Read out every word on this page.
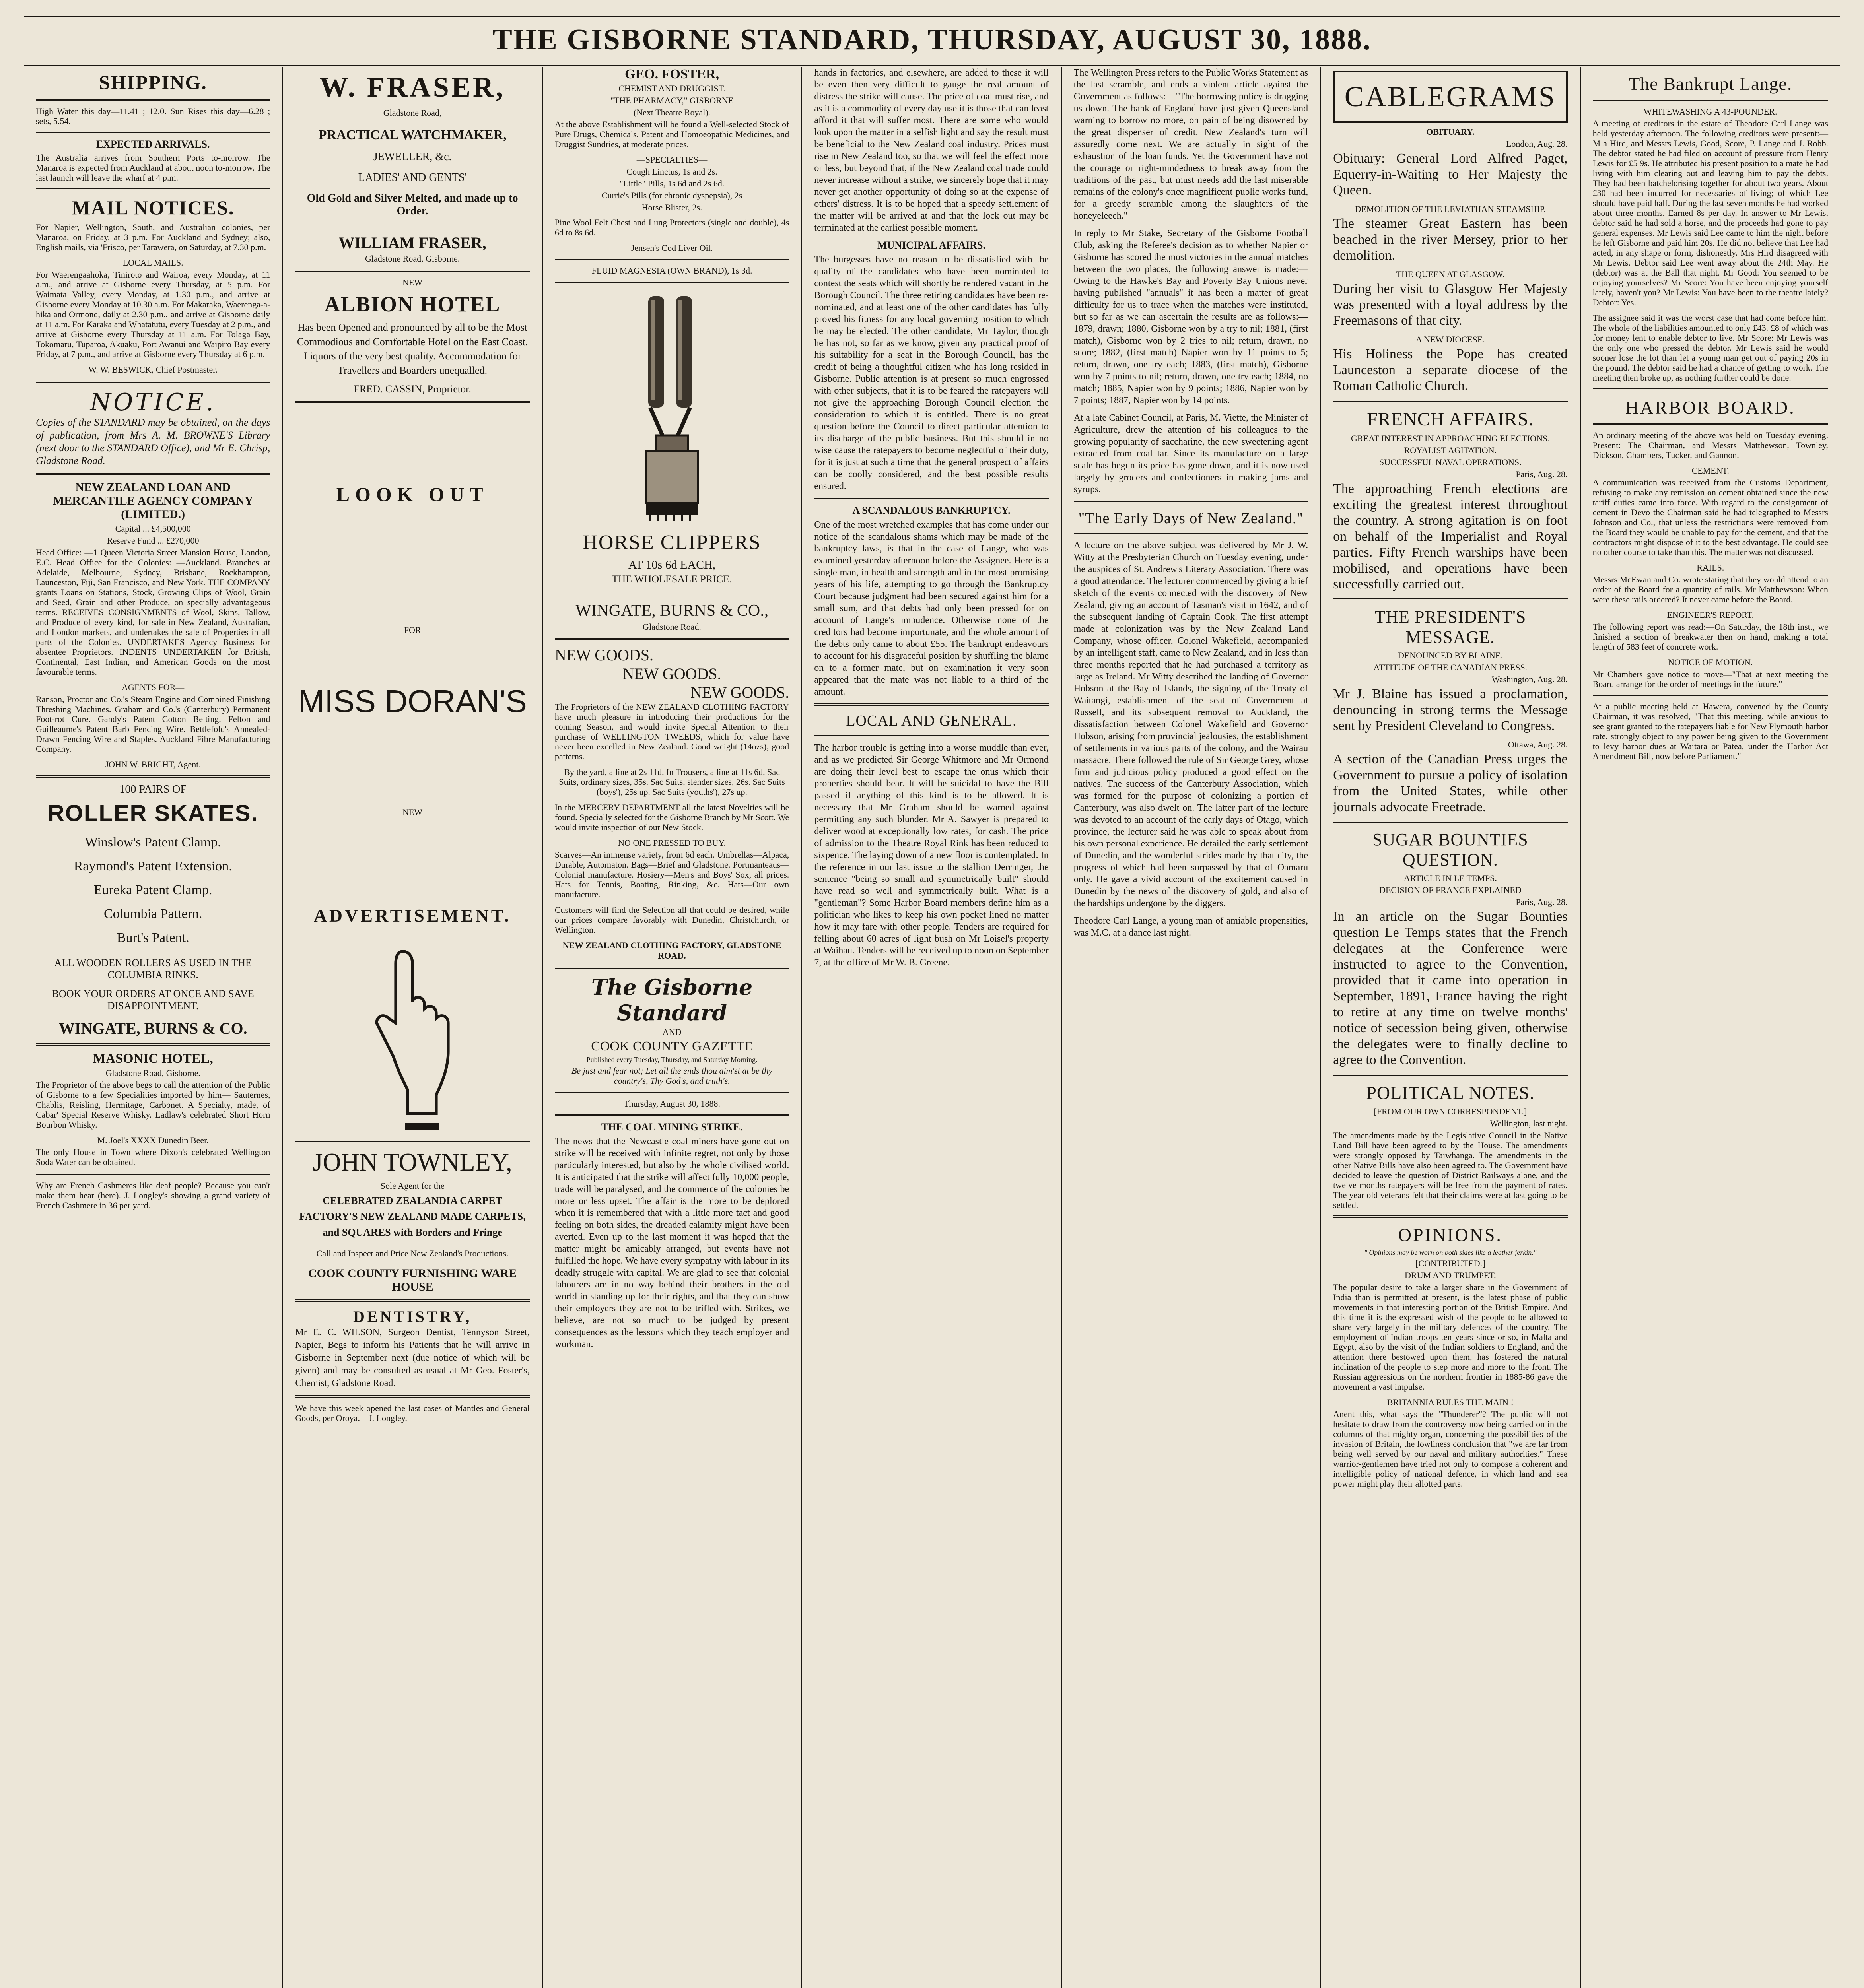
THE GISBORNE STANDARD, THURSDAY, AUGUST 30, 1888.
SHIPPING.
High Water this day—11.41 ; 12.0. Sun Rises this day—6.28 ; sets, 5.54.
EXPECTED ARRIVALS.
The Australia arrives from Southern Ports to-morrow. The Manaroa is expected from Auckland at about noon to-morrow. The last launch will leave the wharf at 4 p.m.
MAIL NOTICES.
For Napier, Wellington, South, and Australian colonies, per Manaroa, on Friday, at 3 p.m. For Auckland and Sydney; also, English mails, via 'Frisco, per Tarawera, on Saturday, at 7.30 p.m.
LOCAL MAILS.
For Waerengaahoka, Tiniroto and Wairoa, every Monday, at 11 a.m., and arrive at Gisborne every Thursday, at 5 p.m. For Waimata Valley, every Monday, at 1.30 p.m., and arrive at Gisborne every Monday at 10.30 a.m. For Makaraka, Waerenga-a-hika and Ormond, daily at 2.30 p.m., and arrive at Gisborne daily at 11 a.m. For Karaka and Whatatutu, every Tuesday at 2 p.m., and arrive at Gisborne every Thursday at 11 a.m. For Tolaga Bay, Tokomaru, Tuparoa, Akuaku, Port Awanui and Waipiro Bay every Friday, at 7 p.m., and arrive at Gisborne every Thursday at 6 p.m.
W. W. BESWICK, Chief Postmaster.
NOTICE.
Copies of the STANDARD may be obtained, on the days of publication, from Mrs A. M. BROWNE'S Library (next door to the STANDARD Office), and Mr E. Chrisp, Gladstone Road.
NEW ZEALAND LOAN AND MERCANTILE AGENCY COMPANY (LIMITED.)
Capital ... £4,500,000
Reserve Fund ... £270,000
Head Office: —1 Queen Victoria Street Mansion House, London, E.C. Head Office for the Colonies: —Auckland. Branches at Adelaide, Melbourne, Sydney, Brisbane, Rockhampton, Launceston, Fiji, San Francisco, and New York. THE COMPANY grants Loans on Stations, Stock, Growing Clips of Wool, Grain and Seed, Grain and other Produce, on specially advantageous terms. RECEIVES CONSIGNMENTS of Wool, Skins, Tallow, and Produce of every kind, for sale in New Zealand, Australian, and London markets, and undertakes the sale of Properties in all parts of the Colonies. UNDERTAKES Agency Business for absentee Proprietors. INDENTS UNDERTAKEN for British, Continental, East Indian, and American Goods on the most favourable terms.
AGENTS FOR—
Ranson, Proctor and Co.'s Steam Engine and Combined Finishing Threshing Machines. Graham and Co.'s (Canterbury) Permanent Foot-rot Cure. Gandy's Patent Cotton Belting. Felton and Guilleaume's Patent Barb Fencing Wire. Bettlefold's Annealed-Drawn Fencing Wire and Staples. Auckland Fibre Manufacturing Company.
JOHN W. BRIGHT, Agent.
100 PAIRS OF
ROLLER SKATES.
Winslow's Patent Clamp.
Raymond's Patent Extension.
Eureka Patent Clamp.
Columbia Pattern.
Burt's Patent.
ALL WOODEN ROLLERS AS USED IN THE COLUMBIA RINKS.
BOOK YOUR ORDERS AT ONCE AND SAVE DISAPPOINTMENT.
WINGATE, BURNS & CO.
MASONIC HOTEL,
Gladstone Road, Gisborne.
The Proprietor of the above begs to call the attention of the Public of Gisborne to a few Specialities imported by him— Sauternes, Chablis, Reisling, Hermitage, Carbonet. A Specialty, made, of Cabar' Special Reserve Whisky. Ladlaw's celebrated Short Horn Bourbon Whisky.
M. Joel's XXXX Dunedin Beer.
The only House in Town where Dixon's celebrated Wellington Soda Water can be obtained.
Why are French Cashmeres like deaf people? Because you can't make them hear (here). J. Longley's showing a grand variety of French Cashmere in 36 per yard.
W. FRASER,
Gladstone Road,
PRACTICAL WATCHMAKER,
JEWELLER, &c.
LADIES' AND GENTS'
Old Gold and Silver Melted, and made up to Order.
WILLIAM FRASER,
Gladstone Road, Gisborne.
NEW
ALBION HOTEL
Has been Opened and pronounced by all to be the Most Commodious and Comfortable Hotel on the East Coast. Liquors of the very best quality. Accommodation for Travellers and Boarders unequalled.
FRED. CASSIN, Proprietor.
LOOK OUT
FOR
MISS DORAN'S
NEW
ADVERTISEMENT.
JOHN TOWNLEY,
Sole Agent for the
CELEBRATED ZEALANDIA CARPET FACTORY'S NEW ZEALAND MADE CARPETS, and SQUARES with Borders and Fringe
Call and Inspect and Price New Zealand's Productions.
COOK COUNTY FURNISHING WARE HOUSE
DENTISTRY,
Mr E. C. WILSON, Surgeon Dentist, Tennyson Street, Napier, Begs to inform his Patients that he will arrive in Gisborne in September next (due notice of which will be given) and may be consulted as usual at Mr Geo. Foster's, Chemist, Gladstone Road.
We have this week opened the last cases of Mantles and General Goods, per Oroya.—J. Longley.
GEO. FOSTER,
CHEMIST AND DRUGGIST.
"THE PHARMACY," GISBORNE
(Next Theatre Royal).
At the above Establishment will be found a Well-selected Stock of Pure Drugs, Chemicals, Patent and Homoeopathic Medicines, and Druggist Sundries, at moderate prices.
—SPECIALTIES—
Cough Linctus, 1s and 2s.
"Little" Pills, 1s 6d and 2s 6d.
Currie's Pills (for chronic dyspepsia), 2s
Horse Blister, 2s.
Pine Wool Felt Chest and Lung Protectors (single and double), 4s 6d to 8s 6d.
Jensen's Cod Liver Oil.
FLUID MAGNESIA (OWN BRAND), 1s 3d.
HORSE CLIPPERS
AT 10s 6d EACH,
THE WHOLESALE PRICE.
WINGATE, BURNS & CO.,
Gladstone Road.
NEW GOODS.
NEW GOODS.
NEW GOODS.
The Proprietors of the NEW ZEALAND CLOTHING FACTORY have much pleasure in introducing their productions for the coming Season, and would invite Special Attention to their purchase of WELLINGTON TWEEDS, which for value have never been excelled in New Zealand. Good weight (14ozs), good patterns.
By the yard, a line at 2s 11d. In Trousers, a line at 11s 6d. Sac Suits, ordinary sizes, 35s. Sac Suits, slender sizes, 26s. Sac Suits (boys'), 25s up. Sac Suits (youths'), 27s up.
In the MERCERY DEPARTMENT all the latest Novelties will be found. Specially selected for the Gisborne Branch by Mr Scott. We would invite inspection of our New Stock.
NO ONE PRESSED TO BUY.
Scarves—An immense variety, from 6d each. Umbrellas—Alpaca, Durable, Automaton. Bags—Brief and Gladstone. Portmanteaus—Colonial manufacture. Hosiery—Men's and Boys' Sox, all prices. Hats for Tennis, Boating, Rinking, &c. Hats—Our own manufacture.
Customers will find the Selection all that could be desired, while our prices compare favorably with Dunedin, Christchurch, or Wellington.
NEW ZEALAND CLOTHING FACTORY, GLADSTONE ROAD.
The Gisborne Standard
AND
COOK COUNTY GAZETTE
Published every Tuesday, Thursday, and Saturday Morning.
Be just and fear not; Let all the ends thou aim'st at be thy country's, Thy God's, and truth's.
Thursday, August 30, 1888.
THE COAL MINING STRIKE.
The news that the Newcastle coal miners have gone out on strike will be received with infinite regret, not only by those particularly interested, but also by the whole civilised world. It is anticipated that the strike will affect fully 10,000 people, trade will be paralysed, and the commerce of the colonies be more or less upset. The affair is the more to be deplored when it is remembered that with a little more tact and good feeling on both sides, the dreaded calamity might have been averted. Even up to the last moment it was hoped that the matter might be amicably arranged, but events have not fulfilled the hope. We have every sympathy with labour in its deadly struggle with capital. We are glad to see that colonial labourers are in no way behind their brothers in the old world in standing up for their rights, and that they can show their employers they are not to be trifled with. Strikes, we believe, are not so much to be judged by present consequences as the lessons which they teach employer and workman.
hands in factories, and elsewhere, are added to these it will be even then very difficult to gauge the real amount of distress the strike will cause. The price of coal must rise, and as it is a commodity of every day use it is those that can least afford it that will suffer most. There are some who would look upon the matter in a selfish light and say the result must be beneficial to the New Zealand coal industry. Prices must rise in New Zealand too, so that we will feel the effect more or less, but beyond that, if the New Zealand coal trade could never increase without a strike, we sincerely hope that it may never get another opportunity of doing so at the expense of others' distress. It is to be hoped that a speedy settlement of the matter will be arrived at and that the lock out may be terminated at the earliest possible moment.
MUNICIPAL AFFAIRS.
The burgesses have no reason to be dissatisfied with the quality of the candidates who have been nominated to contest the seats which will shortly be rendered vacant in the Borough Council. The three retiring candidates have been re-nominated, and at least one of the other candidates has fully proved his fitness for any local governing position to which he may be elected. The other candidate, Mr Taylor, though he has not, so far as we know, given any practical proof of his suitability for a seat in the Borough Council, has the credit of being a thoughtful citizen who has long resided in Gisborne. Public attention is at present so much engrossed with other subjects, that it is to be feared the ratepayers will not give the approaching Borough Council election the consideration to which it is entitled. There is no great question before the Council to direct particular attention to its discharge of the public business. But this should in no wise cause the ratepayers to become neglectful of their duty, for it is just at such a time that the general prospect of affairs can be coolly considered, and the best possible results ensured.
A SCANDALOUS BANKRUPTCY.
One of the most wretched examples that has come under our notice of the scandalous shams which may be made of the bankruptcy laws, is that in the case of Lange, who was examined yesterday afternoon before the Assignee. Here is a single man, in health and strength and in the most promising years of his life, attempting to go through the Bankruptcy Court because judgment had been secured against him for a small sum, and that debts had only been pressed for on account of Lange's impudence. Otherwise none of the creditors had become importunate, and the whole amount of the debts only came to about £55. The bankrupt endeavours to account for his disgraceful position by shuffling the blame on to a former mate, but on examination it very soon appeared that the mate was not liable to a third of the amount.
LOCAL AND GENERAL.
The harbor trouble is getting into a worse muddle than ever, and as we predicted Sir George Whitmore and Mr Ormond are doing their level best to escape the onus which their properties should bear. It will be suicidal to have the Bill passed if anything of this kind is to be allowed. It is necessary that Mr Graham should be warned against permitting any such blunder. Mr A. Sawyer is prepared to deliver wood at exceptionally low rates, for cash. The price of admission to the Theatre Royal Rink has been reduced to sixpence. The laying down of a new floor is contemplated. In the reference in our last issue to the stallion Derringer, the sentence "being so small and symmetrically built" should have read so well and symmetrically built. What is a "gentleman"? Some Harbor Board members define him as a politician who likes to keep his own pocket lined no matter how it may fare with other people. Tenders are required for felling about 60 acres of light bush on Mr Loisel's property at Waihau. Tenders will be received up to noon on September 7, at the office of Mr W. B. Greene.
The Wellington Press refers to the Public Works Statement as the last scramble, and ends a violent article against the Government as follows:—"The borrowing policy is dragging us down. The bank of England have just given Queensland warning to borrow no more, on pain of being disowned by the great dispenser of credit. New Zealand's turn will assuredly come next. We are actually in sight of the exhaustion of the loan funds. Yet the Government have not the courage or right-mindedness to break away from the traditions of the past, but must needs add the last miserable remains of the colony's once magnificent public works fund, for a greedy scramble among the slaughters of the honeyeleech."
In reply to Mr Stake, Secretary of the Gisborne Football Club, asking the Referee's decision as to whether Napier or Gisborne has scored the most victories in the annual matches between the two places, the following answer is made:—Owing to the Hawke's Bay and Poverty Bay Unions never having published "annuals" it has been a matter of great difficulty for us to trace when the matches were instituted, but so far as we can ascertain the results are as follows:—1879, drawn; 1880, Gisborne won by a try to nil; 1881, (first match), Gisborne won by 2 tries to nil; return, drawn, no score; 1882, (first match) Napier won by 11 points to 5; return, drawn, one try each; 1883, (first match), Gisborne won by 7 points to nil; return, drawn, one try each; 1884, no match; 1885, Napier won by 9 points; 1886, Napier won by 7 points; 1887, Napier won by 14 points.
At a late Cabinet Council, at Paris, M. Viette, the Minister of Agriculture, drew the attention of his colleagues to the growing popularity of saccharine, the new sweetening agent extracted from coal tar. Since its manufacture on a large scale has begun its price has gone down, and it is now used largely by grocers and confectioners in making jams and syrups.
"The Early Days of New Zealand."
A lecture on the above subject was delivered by Mr J. W. Witty at the Presbyterian Church on Tuesday evening, under the auspices of St. Andrew's Literary Association. There was a good attendance. The lecturer commenced by giving a brief sketch of the events connected with the discovery of New Zealand, giving an account of Tasman's visit in 1642, and of the subsequent landing of Captain Cook. The first attempt made at colonization was by the New Zealand Land Company, whose officer, Colonel Wakefield, accompanied by an intelligent staff, came to New Zealand, and in less than three months reported that he had purchased a territory as large as Ireland. Mr Witty described the landing of Governor Hobson at the Bay of Islands, the signing of the Treaty of Waitangi, establishment of the seat of Government at Russell, and its subsequent removal to Auckland, the dissatisfaction between Colonel Wakefield and Governor Hobson, arising from provincial jealousies, the establishment of settlements in various parts of the colony, and the Wairau massacre. There followed the rule of Sir George Grey, whose firm and judicious policy produced a good effect on the natives. The success of the Canterbury Association, which was formed for the purpose of colonizing a portion of Canterbury, was also dwelt on. The latter part of the lecture was devoted to an account of the early days of Otago, which province, the lecturer said he was able to speak about from his own personal experience. He detailed the early settlement of Dunedin, and the wonderful strides made by that city, the progress of which had been surpassed by that of Oamaru only. He gave a vivid account of the excitement caused in Dunedin by the news of the discovery of gold, and also of the hardships undergone by the diggers.
Theodore Carl Lange, a young man of amiable propensities, was M.C. at a dance last night.
CABLEGRAMS
OBITUARY.
London, Aug. 28.
Obituary: General Lord Alfred Paget, Equerry-in-Waiting to Her Majesty the Queen.
DEMOLITION OF THE LEVIATHAN STEAMSHIP.
The steamer Great Eastern has been beached in the river Mersey, prior to her demolition.
THE QUEEN AT GLASGOW.
During her visit to Glasgow Her Majesty was presented with a loyal address by the Freemasons of that city.
A NEW DIOCESE.
His Holiness the Pope has created Launceston a separate diocese of the Roman Catholic Church.
FRENCH AFFAIRS.
GREAT INTEREST IN APPROACHING ELECTIONS.
ROYALIST AGITATION.
SUCCESSFUL NAVAL OPERATIONS.
Paris, Aug. 28.
The approaching French elections are exciting the greatest interest throughout the country. A strong agitation is on foot on behalf of the Imperialist and Royal parties. Fifty French warships have been mobilised, and operations have been successfully carried out.
THE PRESIDENT'S MESSAGE.
DENOUNCED BY BLAINE.
ATTITUDE OF THE CANADIAN PRESS.
Washington, Aug. 28.
Mr J. Blaine has issued a proclamation, denouncing in strong terms the Message sent by President Cleveland to Congress.
Ottawa, Aug. 28.
A section of the Canadian Press urges the Government to pursue a policy of isolation from the United States, while other journals advocate Freetrade.
SUGAR BOUNTIES QUESTION.
ARTICLE IN LE TEMPS.
DECISION OF FRANCE EXPLAINED
Paris, Aug. 28.
In an article on the Sugar Bounties question Le Temps states that the French delegates at the Conference were instructed to agree to the Convention, provided that it came into operation in September, 1891, France having the right to retire at any time on twelve months' notice of secession being given, otherwise the delegates were to finally decline to agree to the Convention.
POLITICAL NOTES.
[FROM OUR OWN CORRESPONDENT.]
Wellington, last night.
The amendments made by the Legislative Council in the Native Land Bill have been agreed to by the House. The amendments were strongly opposed by Taiwhanga. The amendments in the other Native Bills have also been agreed to. The Government have decided to leave the question of District Railways alone, and the twelve months ratepayers will be free from the payment of rates. The year old veterans felt that their claims were at last going to be settled.
OPINIONS.
" Opinions may be worn on both sides like a leather jerkin."
[CONTRIBUTED.]
DRUM AND TRUMPET.
The popular desire to take a larger share in the Government of India than is permitted at present, is the latest phase of public movements in that interesting portion of the British Empire. And this time it is the expressed wish of the people to be allowed to share very largely in the military defences of the country. The employment of Indian troops ten years since or so, in Malta and Egypt, also by the visit of the Indian soldiers to England, and the attention there bestowed upon them, has fostered the natural inclination of the people to step more and more to the front. The Russian aggressions on the northern frontier in 1885-86 gave the movement a vast impulse.
BRITANNIA RULES THE MAIN !
Anent this, what says the "Thunderer"? The public will not hesitate to draw from the controversy now being carried on in the columns of that mighty organ, concerning the possibilities of the invasion of Britain, the lowliness conclusion that "we are far from being well served by our naval and military authorities." These warrior-gentlemen have tried not only to compose a coherent and intelligible policy of national defence, in which land and sea power might play their allotted parts.
The Bankrupt Lange.
WHITEWASHING A 43-POUNDER.
A meeting of creditors in the estate of Theodore Carl Lange was held yesterday afternoon. The following creditors were present:—M a Hird, and Messrs Lewis, Good, Score, P. Lange and J. Robb. The debtor stated he had filed on account of pressure from Henry Lewis for £5 9s. He attributed his present position to a mate he had living with him clearing out and leaving him to pay the debts. They had been batchelorising together for about two years. About £30 had been incurred for necessaries of living; of which Lee should have paid half. During the last seven months he had worked about three months. Earned 8s per day. In answer to Mr Lewis, debtor said he had sold a horse, and the proceeds had gone to pay general expenses. Mr Lewis said Lee came to him the night before he left Gisborne and paid him 20s. He did not believe that Lee had acted, in any shape or form, dishonestly. Mrs Hird disagreed with Mr Lewis. Debtor said Lee went away about the 24th May. He (debtor) was at the Ball that night. Mr Good: You seemed to be enjoying yourselves? Mr Score: You have been enjoying yourself lately, haven't you? Mr Lewis: You have been to the theatre lately? Debtor: Yes.
The assignee said it was the worst case that had come before him. The whole of the liabilities amounted to only £43. £8 of which was for money lent to enable debtor to live. Mr Score: Mr Lewis was the only one who pressed the debtor. Mr Lewis said he would sooner lose the lot than let a young man get out of paying 20s in the pound. The debtor said he had a chance of getting to work. The meeting then broke up, as nothing further could be done.
HARBOR BOARD.
An ordinary meeting of the above was held on Tuesday evening. Present: The Chairman, and Messrs Matthewson, Townley, Dickson, Chambers, Tucker, and Gannon.
CEMENT.
A communication was received from the Customs Department, refusing to make any remission on cement obtained since the new tariff duties came into force. With regard to the consignment of cement in Devo the Chairman said he had telegraphed to Messrs Johnson and Co., that unless the restrictions were removed from the Board they would be unable to pay for the cement, and that the contractors might dispose of it to the best advantage. He could see no other course to take than this. The matter was not discussed.
RAILS.
Messrs McEwan and Co. wrote stating that they would attend to an order of the Board for a quantity of rails. Mr Matthewson: When were these rails ordered? It never came before the Board.
ENGINEER'S REPORT.
The following report was read:—On Saturday, the 18th inst., we finished a section of breakwater then on hand, making a total length of 583 feet of concrete work.
NOTICE OF MOTION.
Mr Chambers gave notice to move—"That at next meeting the Board arrange for the order of meetings in the future."
At a public meeting held at Hawera, convened by the County Chairman, it was resolved, "That this meeting, while anxious to see grant granted to the ratepayers liable for New Plymouth harbor rate, strongly object to any power being given to the Government to levy harbor dues at Waitara or Patea, under the Harbor Act Amendment Bill, now before Parliament."
